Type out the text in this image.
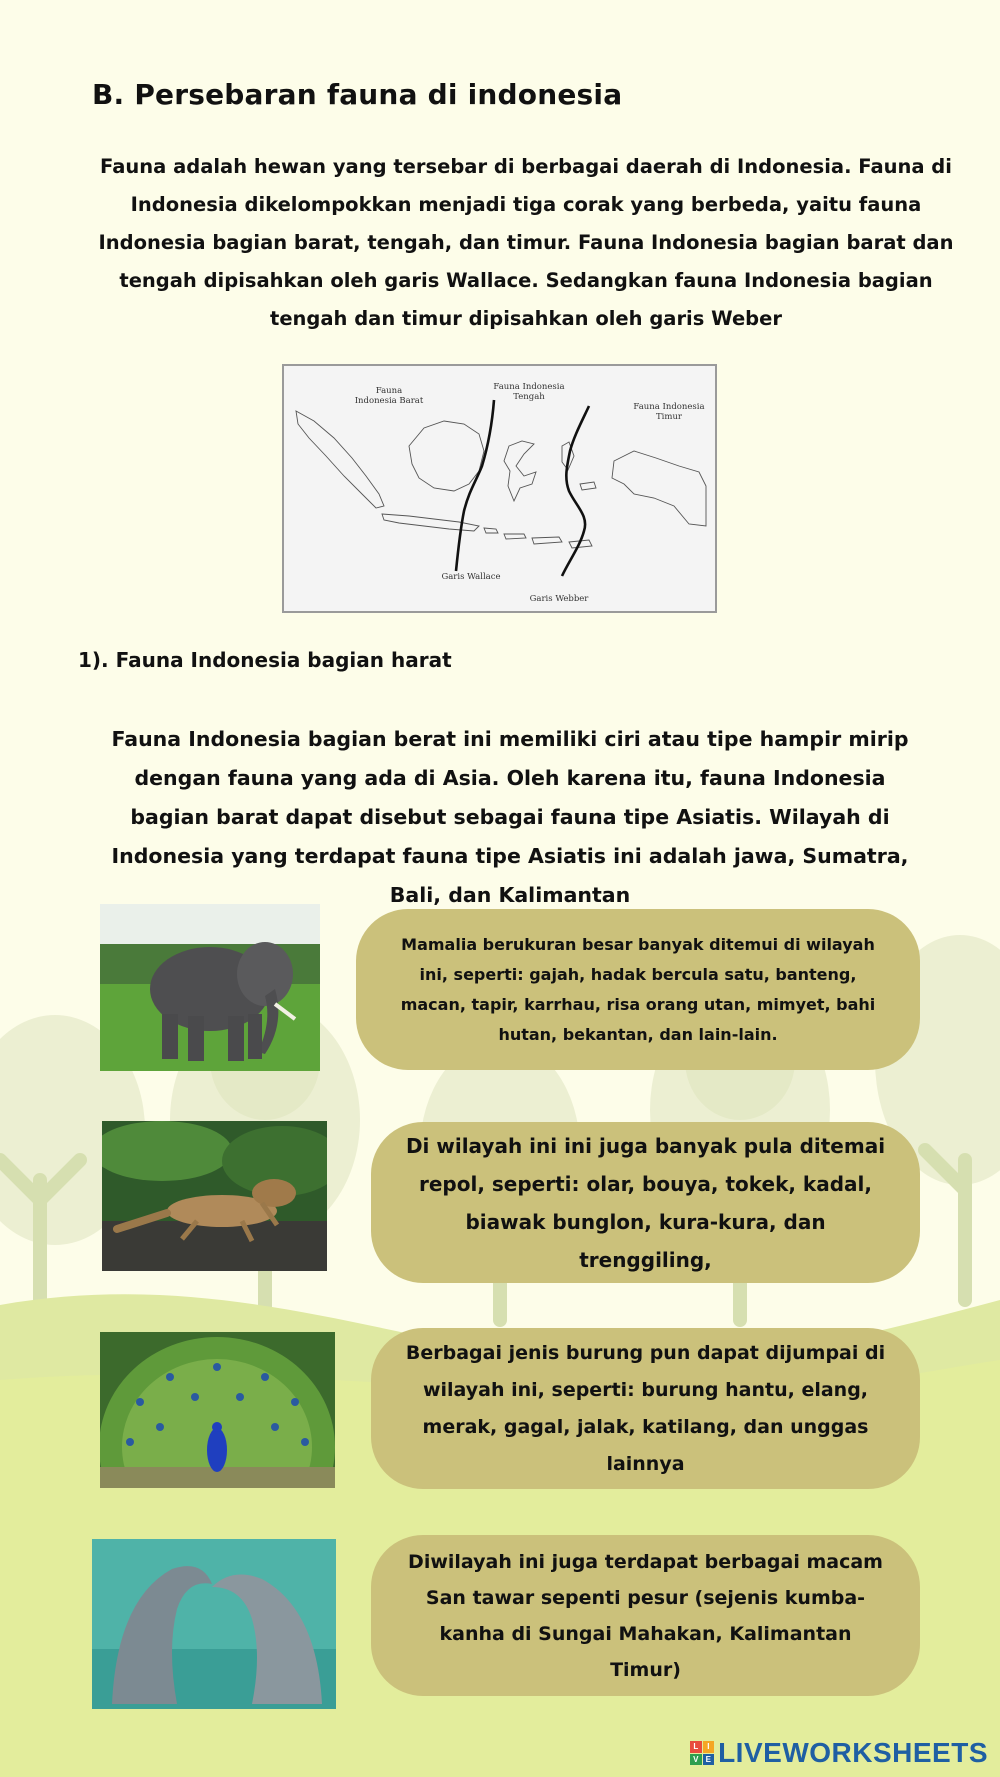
B. Persebaran fauna di indonesia
Fauna adalah hewan yang tersebar di berbagai daerah di Indonesia. Fauna di Indonesia dikelompokkan menjadi tiga corak yang berbeda, yaitu fauna Indonesia bagian barat, tengah, dan timur. Fauna Indonesia bagian barat dan tengah dipisahkan oleh garis Wallace. Sedangkan fauna Indonesia bagian tengah dan timur dipisahkan oleh garis Weber
Fauna Indonesia Barat
Fauna Indonesia Tengah
Fauna Indonesia Timur
Garis Wallace
Garis Webber
1). Fauna Indonesia bagian harat
Fauna Indonesia bagian berat ini memiliki ciri atau tipe hampir mirip dengan fauna yang ada di Asia. Oleh karena itu, fauna Indonesia bagian barat dapat disebut sebagai fauna tipe Asiatis. Wilayah di Indonesia yang terdapat fauna tipe Asiatis ini adalah jawa, Sumatra, Bali, dan Kalimantan
Mamalia berukuran besar banyak ditemui di wilayah ini, seperti: gajah, hadak bercula satu, banteng, macan, tapir, karrhau, risa orang utan, mimyet, bahi hutan, bekantan, dan lain-lain.
Di wilayah ini ini juga banyak pula ditemai repol, seperti: olar, bouya, tokek, kadal, biawak bunglon, kura-kura, dan trenggiling,
Berbagai jenis burung pun dapat dijumpai di wilayah ini, seperti: burung hantu, elang, merak, gagal, jalak, katilang, dan unggas lainnya
Diwilayah ini juga terdapat berbagai macam San tawar sepenti pesur (sejenis kumba-kanha di Sungai Mahakan, Kalimantan Timur)
L	I
V E LIVEWORKSHEETS
